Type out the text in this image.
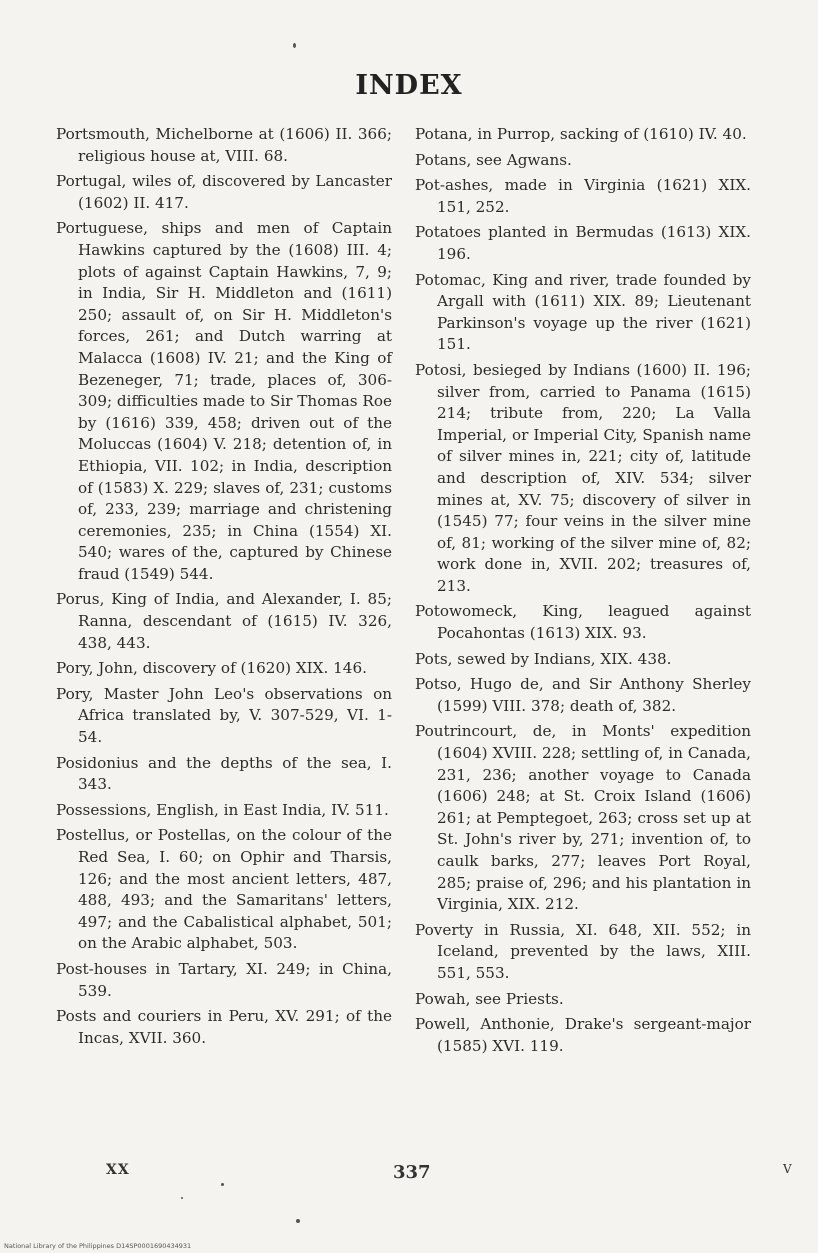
INDEX

Portsmouth, Michelborne at (1606) II. 366; religious house at, VIII. 68.

Portugal, wiles of, discovered by Lancaster (1602) II. 417.

Portuguese, ships and men of Captain Hawkins captured by the (1608) III. 4; plots of against Captain Hawkins, 7, 9; in India, Sir H. Middleton and (1611) 250; assault of, on Sir H. Middleton's forces, 261; and Dutch warring at Malacca (1608) IV. 21; and the King of Bezeneger, 71; trade, places of, 306-309; difficulties made to Sir Thomas Roe by (1616) 339, 458; driven out of the Moluccas (1604) V. 218; detention of, in Ethiopia, VII. 102; in India, description of (1583) X. 229; slaves of, 231; customs of, 233, 239; marriage and christening ceremonies, 235; in China (1554) XI. 540; wares of the, captured by Chinese fraud (1549) 544.

Porus, King of India, and Alexander, I. 85; Ranna, descendant of (1615) IV. 326, 438, 443.

Pory, John, discovery of (1620) XIX. 146.

Pory, Master John Leo's observations on Africa translated by, V. 307-529, VI. 1-54.

Posidonius and the depths of the sea, I. 343.

Possessions, English, in East India, IV. 511.

Postellus, or Postellas, on the colour of the Red Sea, I. 60; on Ophir and Tharsis, 126; and the most ancient letters, 487, 488, 493; and the Samaritans' letters, 497; and the Cabalistical alphabet, 501; on the Arabic alphabet, 503.

Post-houses in Tartary, XI. 249; in China, 539.

Posts and couriers in Peru, XV. 291; of the Incas, XVII. 360.

Potana, in Purrop, sacking of (1610) IV. 40.

Potans, see Agwans.

Pot-ashes, made in Virginia (1621) XIX. 151, 252.

Potatoes planted in Bermudas (1613) XIX. 196.

Potomac, King and river, trade founded by Argall with (1611) XIX. 89; Lieutenant Parkinson's voyage up the river (1621) 151.

Potosi, besieged by Indians (1600) II. 196; silver from, carried to Panama (1615) 214; tribute from, 220; La Valla Imperial, or Imperial City, Spanish name of silver mines in, 221; city of, latitude and description of, XIV. 534; silver mines at, XV. 75; discovery of silver in (1545) 77; four veins in the silver mine of, 81; working of the silver mine of, 82; work done in, XVII. 202; treasures of, 213.

Potowomeck, King, leagued against Pocahontas (1613) XIX. 93.

Pots, sewed by Indians, XIX. 438.

Potso, Hugo de, and Sir Anthony Sherley (1599) VIII. 378; death of, 382.

Poutrincourt, de, in Monts' expedition (1604) XVIII. 228; settling of, in Canada, 231, 236; another voyage to Canada (1606) 248; at St. Croix Island (1606) 261; at Pemptegoet, 263; cross set up at St. John's river by, 271; invention of, to caulk barks, 277; leaves Port Royal, 285; praise of, 296; and his plantation in Virginia, XIX. 212.

Poverty in Russia, XI. 648, XII. 552; in Iceland, prevented by the laws, XIII. 551, 553.

Powah, see Priests.

Powell, Anthonie, Drake's sergeant-major (1585) XVI. 119.

XX	337	V
National Library of the Philippines D14SP0001690434931
